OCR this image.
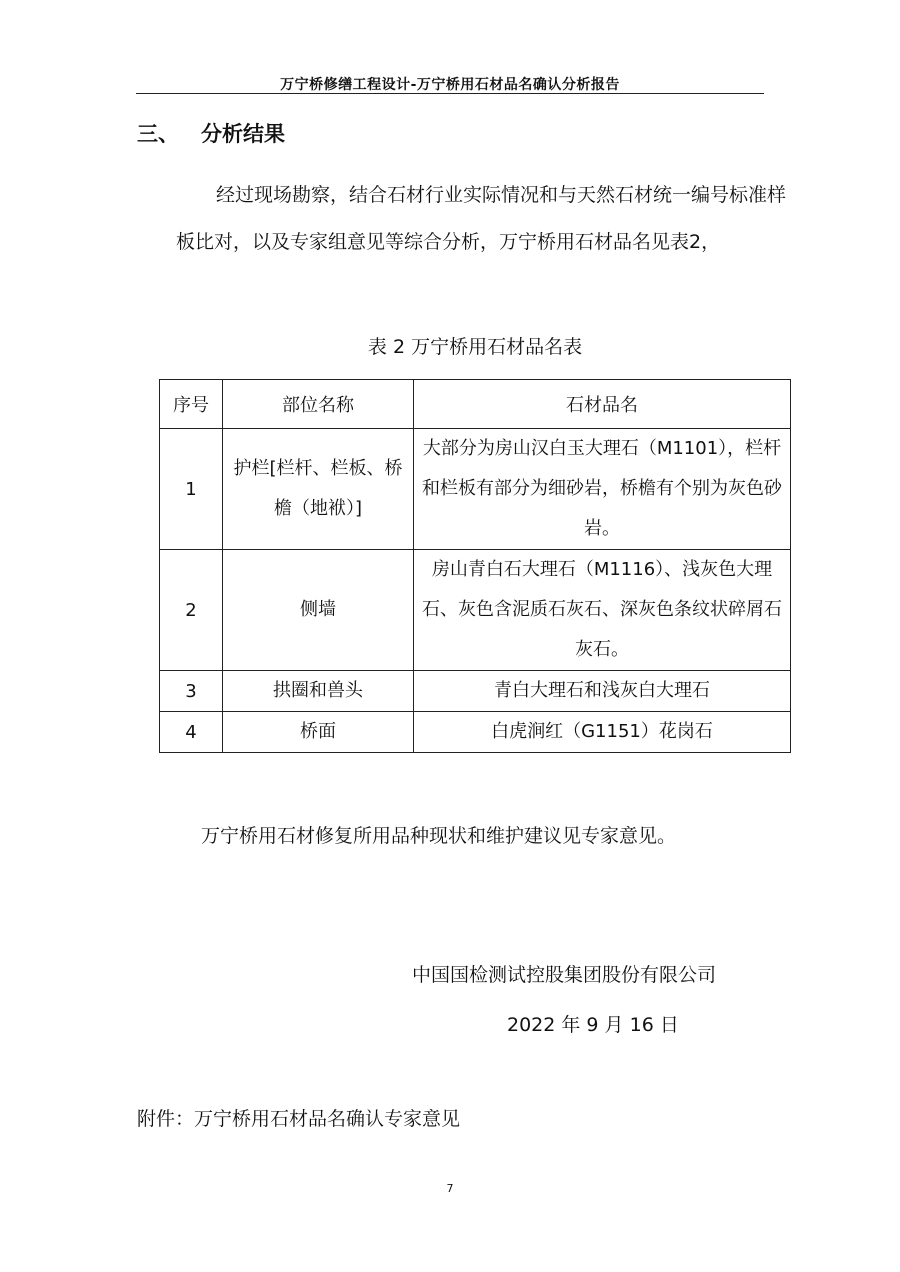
万宁桥修缮工程设计-万宁桥用石材品名确认分析报告
三、 分析结果

经过现场勘察，结合石材行业实际情况和与天然石材统一编号标准样板比对，以及专家组意见等综合分析，万宁桥用石材品名见表2，

表 2 万宁桥用石材品名表
序号	部位名称	石材品名
1	护栏[栏杆、栏板、桥檐（地袱）]	大部分为房山汉白玉大理石（M1101），栏杆和栏板有部分为细砂岩，桥檐有个别为灰色砂岩。
2	侧墙	房山青白石大理石（M1116）、浅灰色大理石、灰色含泥质石灰石、深灰色条纹状碎屑石灰石。
3	拱圈和兽头	青白大理石和浅灰白大理石
4	桥面	白虎涧红（G1151）花岗石
万宁桥用石材修复所用品种现状和维护建议见专家意见。
中国国检测试控股集团股份有限公司
2022 年 9 月 16 日
附件：万宁桥用石材品名确认专家意见
7
